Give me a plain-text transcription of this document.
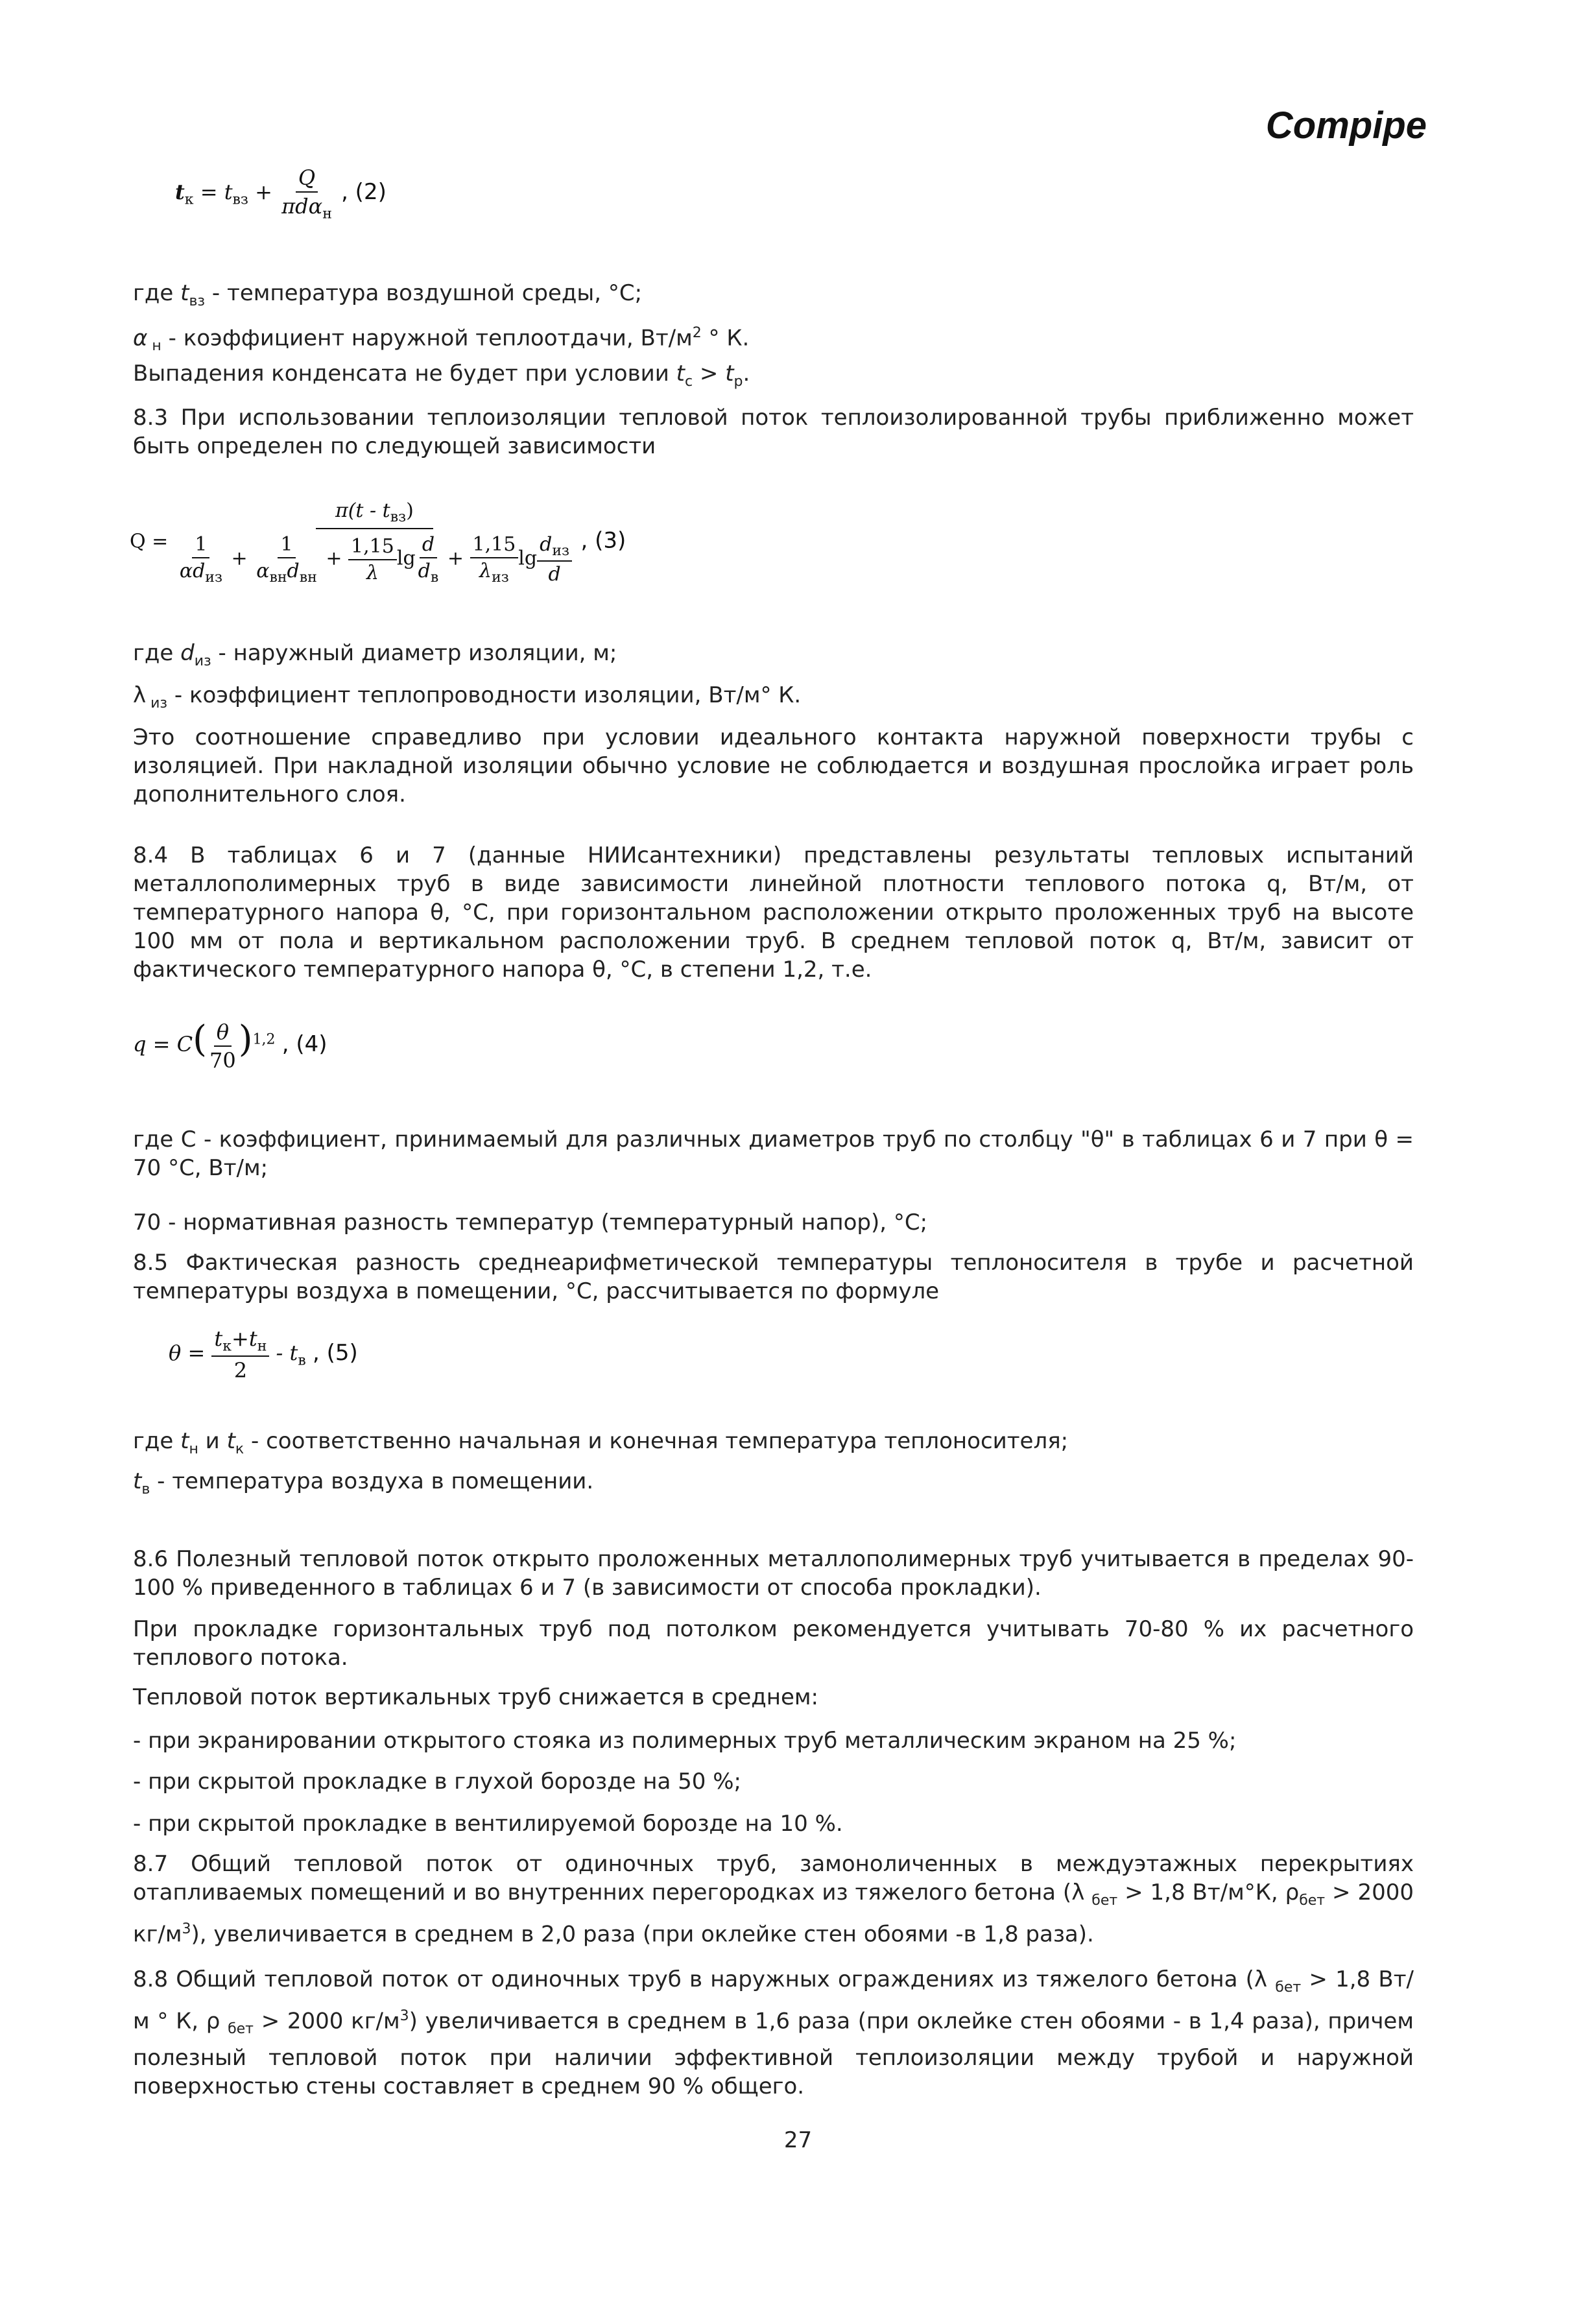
Compipe
$t_к = t_{вз} + \frac{Q}{\pi d\alpha_н}$ , (2)
где $t_{вз}$ - температура воздушной среды, °С;
α $_н$ - коэффициент наружной теплоотдачи, $Вт/м^2$ ° К.
Выпадения конденсата не будет при условии $t_с > t_р$.
8.3 При использовании теплоизоляции тепловой поток теплоизолированной трубы приближенно может быть определен по следующей зависимости
Q =
$\pi(t - t_{вз})$
$\frac{1}{\alpha d_{из}} + \frac{1}{\alpha_{вн}d_{вн}} + \frac{1,15}{\lambda}$ $\lg \frac{d}{d_в} + \frac{1,15}{\lambda_{из}}$ $\lg \frac{d_{из}}{d}$ , (3)
где $d_{из}$ - наружный диаметр изоляции, м;
λ $_{из}$ - коэффициент теплопроводности изоляции, Вт/м° К.
Это соотношение справедливо при условии идеального контакта наружной поверхности трубы с изоляцией. При накладной изоляции обычно условие не соблюдается и воздушная прослойка играет роль дополнительного слоя.
8.4 В таблицах 6 и 7 (данные НИИсантехники) представлены результаты тепловых испытаний металлополимерных труб в виде зависимости линейной плотности теплового потока q, Вт/м, от температурного напора θ, °С, при горизонтальном расположении открыто проложенных труб на высоте 100 мм от пола и вертикальном расположении труб. В среднем тепловой поток q, Вт/м, зависит от фактического температурного напора θ, °С, в степени 1,2, т.е.
$q = C( \frac{\theta}{70} )^{1,2}$ , (4)
где С - коэффициент, принимаемый для различных диаметров труб по столбцу "θ" в таблицах 6 и 7 при θ = 70 °С, Вт/м;
70 - нормативная разность температур (температурный напор), °С;
8.5 Фактическая разность среднеарифметической температуры теплоносителя в трубе и расчетной температуры воздуха в помещении, °С, рассчитывается по формуле
$\theta = \frac{t_к+t_н}{2} - t_в$ , (5)
где $t_н$ и $t_к$ - соответственно начальная и конечная температура теплоносителя;
$t_в$ - температура воздуха в помещении.
8.6 Полезный тепловой поток открыто проложенных металлополимерных труб учитывается в пределах 90-100 % приведенного в таблицах 6 и 7 (в зависимости от способа прокладки).
При прокладке горизонтальных труб под потолком рекомендуется учитывать 70-80 % их расчетного теплового потока.
Тепловой поток вертикальных труб снижается в среднем:
- при экранировании открытого стояка из полимерных труб металлическим экраном на 25 %;
- при скрытой прокладке в глухой борозде на 50 %;
- при скрытой прокладке в вентилируемой борозде на 10 %.
8.7 Общий тепловой поток от одиночных труб, замоноличенных в междуэтажных перекрытиях отапливаемых помещений и во внутренних перегородках из тяжелого бетона (λ $_{бет}$ > 1,8 Вт/м°К, $\rho_{бет} > 2000$ $кг/м^3$), увеличивается в среднем в 2,0 раза (при оклейке стен обоями -в 1,8 раза).
8.8 Общий тепловой поток от одиночных труб в наружных ограждениях из тяжелого бетона (λ $_{бет}$ > 1,8 Вт/м ° К, ρ $_{бет}$ > 2000 $кг/м^3$) увеличивается в среднем в 1,6 раза (при оклейке стен обоями - в 1,4 раза), причем полезный тепловой поток при наличии эффективной теплоизоляции между трубой и наружной поверхностью стены составляет в среднем 90 % общего.
27
